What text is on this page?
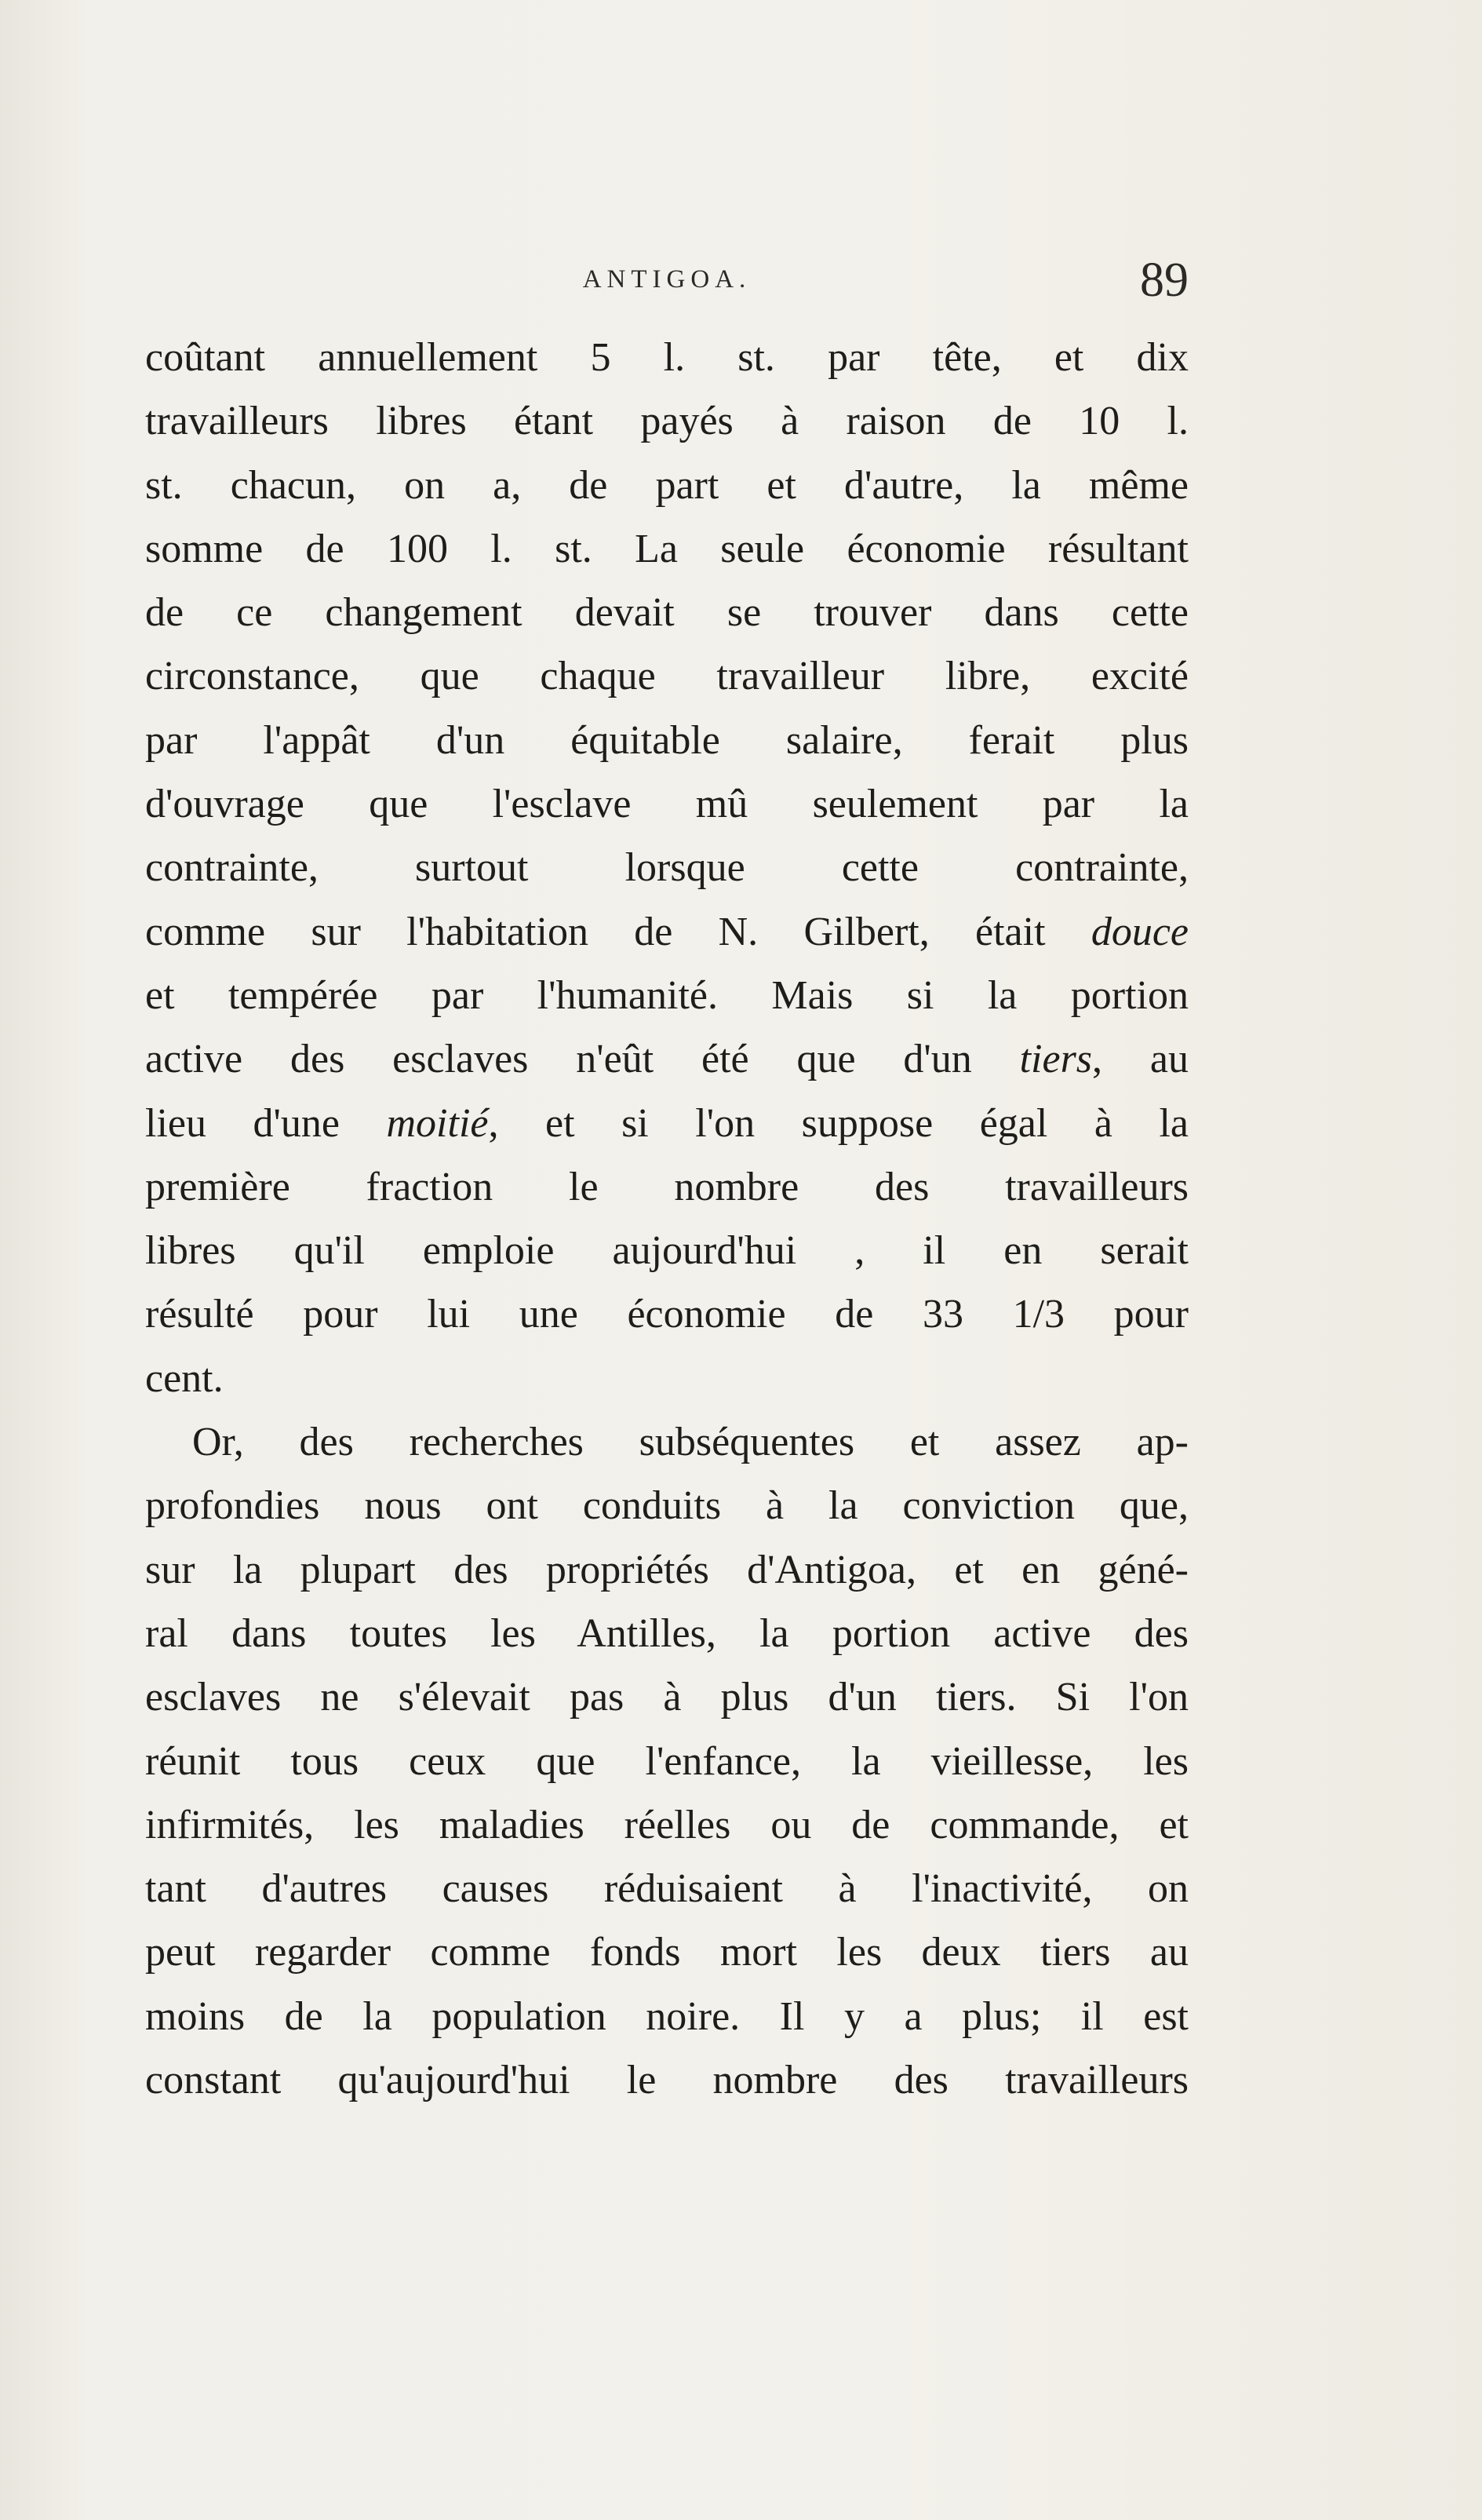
ANTIGOA.	89
coûtant annuellement 5 l. st. par tête, et dix
travailleurs libres étant payés à raison de 10 l.
st. chacun, on a, de part et d'autre, la même
somme de 100 l. st. La seule économie résultant
de ce changement devait se trouver dans cette
circonstance, que chaque travailleur libre, excité
par l'appât d'un équitable salaire, ferait plus
d'ouvrage que l'esclave mû seulement par la
contrainte, surtout lorsque cette contrainte,
comme sur l'habitation de N. Gilbert, était douce
et tempérée par l'humanité. Mais si la portion
active des esclaves n'eût été que d'un tiers, au
lieu d'une moitié, et si l'on suppose égal à la
première fraction le nombre des travailleurs
libres qu'il emploie aujourd'hui , il en serait
résulté pour lui une économie de 33 1/3 pour
cent.
Or, des recherches subséquentes et assez ap-
profondies nous ont conduits à la conviction que,
sur la plupart des propriétés d'Antigoa, et en géné-
ral dans toutes les Antilles, la portion active des
esclaves ne s'élevait pas à plus d'un tiers. Si l'on
réunit tous ceux que l'enfance, la vieillesse, les
infirmités, les maladies réelles ou de commande, et
tant d'autres causes réduisaient à l'inactivité, on
peut regarder comme fonds mort les deux tiers au
moins de la population noire. Il y a plus; il est
constant qu'aujourd'hui le nombre des travailleurs
